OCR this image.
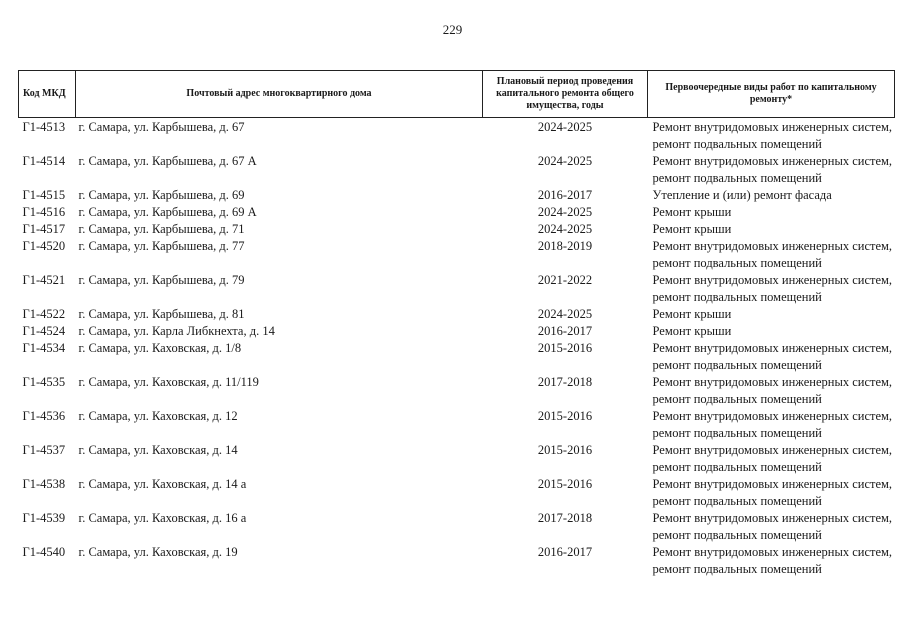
229
Код МКД	Почтовый адрес многоквартирного дома	Плановый период проведения капитального ремонта общего имущества, годы	Первоочередные виды работ по капитальному ремонту*
Г1-4513	г. Самара, ул. Карбышева, д. 67	2024-2025	Ремонт внутридомовых инженерных систем,
ремонт подвальных помещений

Г1-4514	г. Самара, ул. Карбышева, д. 67 А	2024-2025	Ремонт внутридомовых инженерных систем,
ремонт подвальных помещений

Г1-4515	г. Самара, ул. Карбышева, д. 69	2016-2017	Утепление и (или) ремонт фасада

Г1-4516	г. Самара, ул. Карбышева, д. 69 А	2024-2025	Ремонт крыши

Г1-4517	г. Самара, ул. Карбышева, д. 71	2024-2025	Ремонт крыши

Г1-4520	г. Самара, ул. Карбышева, д. 77	2018-2019	Ремонт внутридомовых инженерных систем,
ремонт подвальных помещений

Г1-4521	г. Самара, ул. Карбышева, д. 79	2021-2022	Ремонт внутридомовых инженерных систем,
ремонт подвальных помещений

Г1-4522	г. Самара, ул. Карбышева, д. 81	2024-2025	Ремонт крыши

Г1-4524	г. Самара, ул. Карла Либкнехта, д. 14	2016-2017	Ремонт крыши

Г1-4534	г. Самара, ул. Каховская, д. 1/8	2015-2016	Ремонт внутридомовых инженерных систем,
ремонт подвальных помещений

Г1-4535	г. Самара, ул. Каховская, д. 11/119	2017-2018	Ремонт внутридомовых инженерных систем,
ремонт подвальных помещений

Г1-4536	г. Самара, ул. Каховская, д. 12	2015-2016	Ремонт внутридомовых инженерных систем,
ремонт подвальных помещений

Г1-4537	г. Самара, ул. Каховская, д. 14	2015-2016	Ремонт внутридомовых инженерных систем,
ремонт подвальных помещений

Г1-4538	г. Самара, ул. Каховская, д. 14 а	2015-2016	Ремонт внутридомовых инженерных систем,
ремонт подвальных помещений

Г1-4539	г. Самара, ул. Каховская, д. 16 а	2017-2018	Ремонт внутридомовых инженерных систем,
ремонт подвальных помещений

Г1-4540	г. Самара, ул. Каховская, д. 19	2016-2017	Ремонт внутридомовых инженерных систем,
ремонт подвальных помещений
